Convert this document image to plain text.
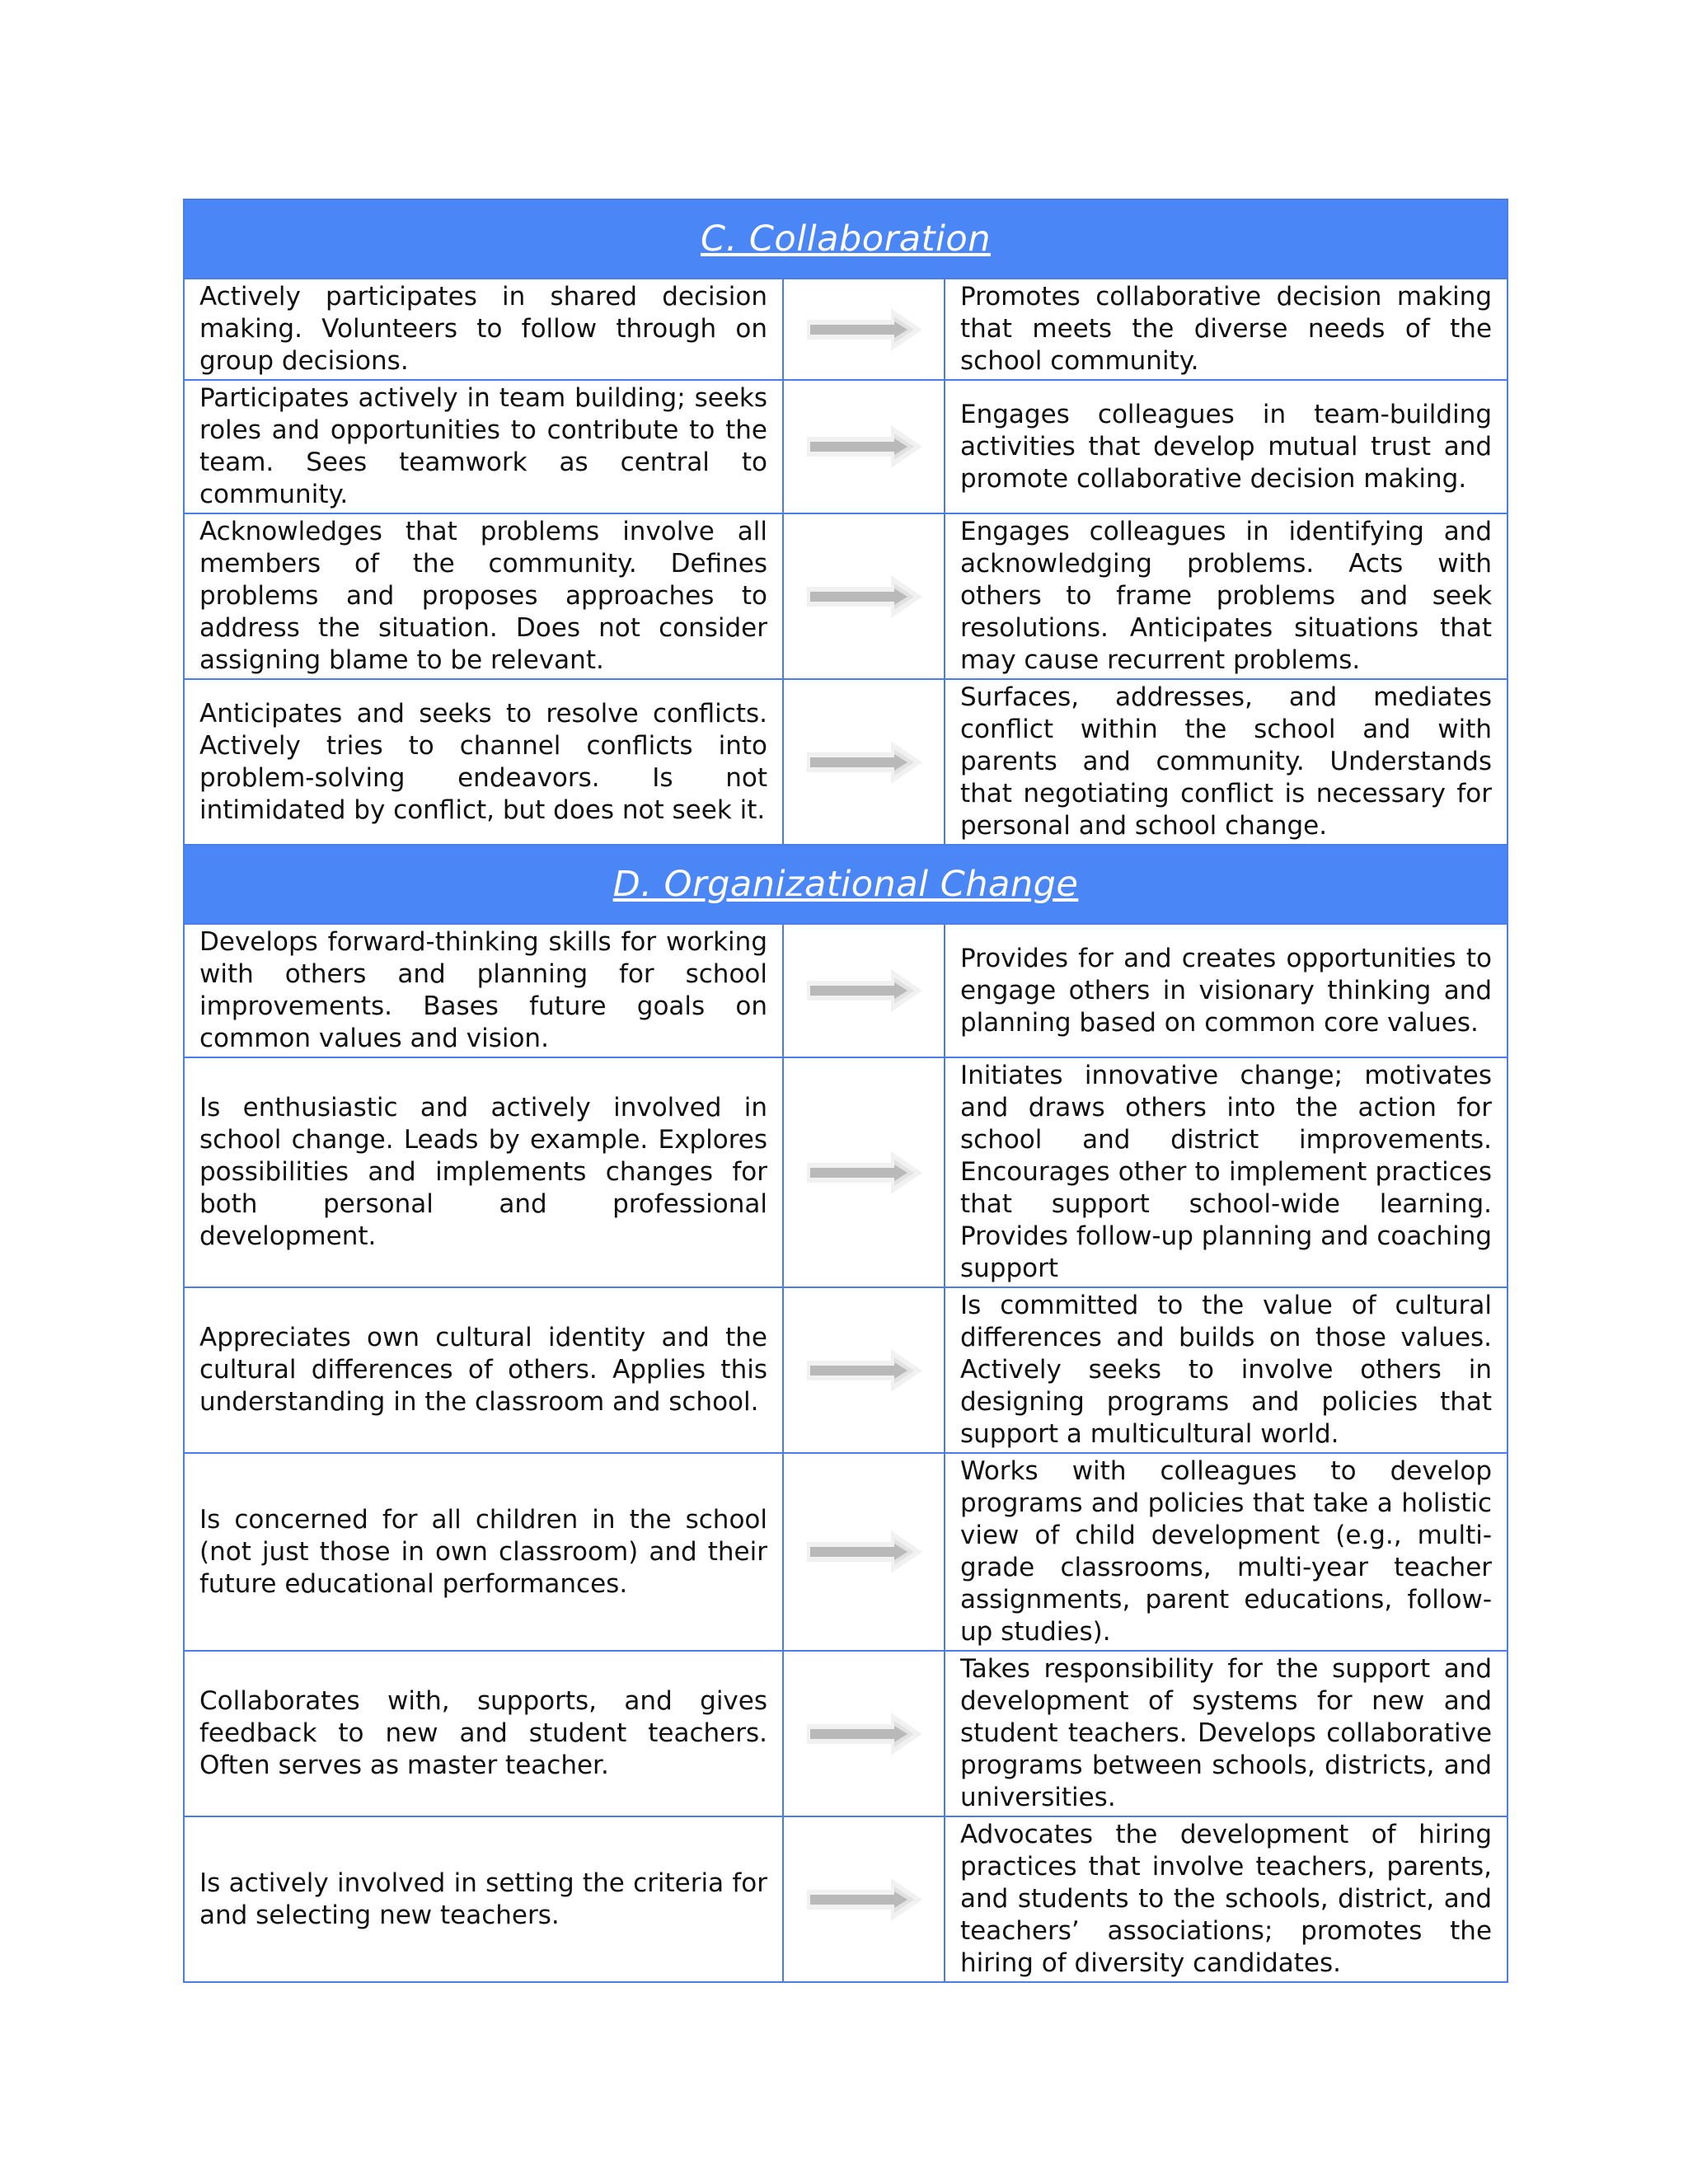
C. Collaboration		
Actively participates in shared decision making. Volunteers to follow through on group decisions.		Promotes collaborative decision making that meets the diverse needs of the school community.
Participates actively in team building; seeks roles and opportunities to contribute to the team. Sees teamwork as central to community.		Engages colleagues in team-building activities that develop mutual trust and promote collaborative decision making.
Acknowledges that problems involve all members of the community. Defines problems and proposes approaches to address the situation. Does not consider assigning blame to be relevant.		Engages colleagues in identifying and acknowledging problems. Acts with others to frame problems and seek resolutions. Anticipates situations that may cause recurrent problems.
Anticipates and seeks to resolve conflicts. Actively tries to channel conflicts into problem-solving endeavors. Is not intimidated by conflict, but does not seek it.		Surfaces, addresses, and mediates conflict within the school and with parents and community. Understands that negotiating conflict is necessary for personal and school change.
D. Organizational Change		
Develops forward-thinking skills for working with others and planning for school improvements. Bases future goals on common values and vision.		Provides for and creates opportunities to engage others in visionary thinking and planning based on common core values.
Is enthusiastic and actively involved in school change. Leads by example. Explores possibilities and implements changes for both personal and professional development.		Initiates innovative change; motivates and draws others into the action for school and district improvements. Encourages other to implement practices that support school-wide learning. Provides follow-up planning and coaching support
Appreciates own cultural identity and the cultural differences of others. Applies this understanding in the classroom and school.		Is committed to the value of cultural differences and builds on those values. Actively seeks to involve others in designing programs and policies that support a multicultural world.
Is concerned for all children in the school (not just those in own classroom) and their future educational performances.		Works with colleagues to develop programs and policies that take a holistic view of child development (e.g., multi-grade classrooms, multi-year teacher assignments, parent educations, follow-up studies).
Collaborates with, supports, and gives feedback to new and student teachers. Often serves as master teacher.		Takes responsibility for the support and development of systems for new and student teachers. Develops collaborative programs between schools, districts, and universities.
Is actively involved in setting the criteria for and selecting new teachers.		Advocates the development of hiring practices that involve teachers, parents, and students to the schools, district, and teachers’ associations; promotes the hiring of diversity candidates.
